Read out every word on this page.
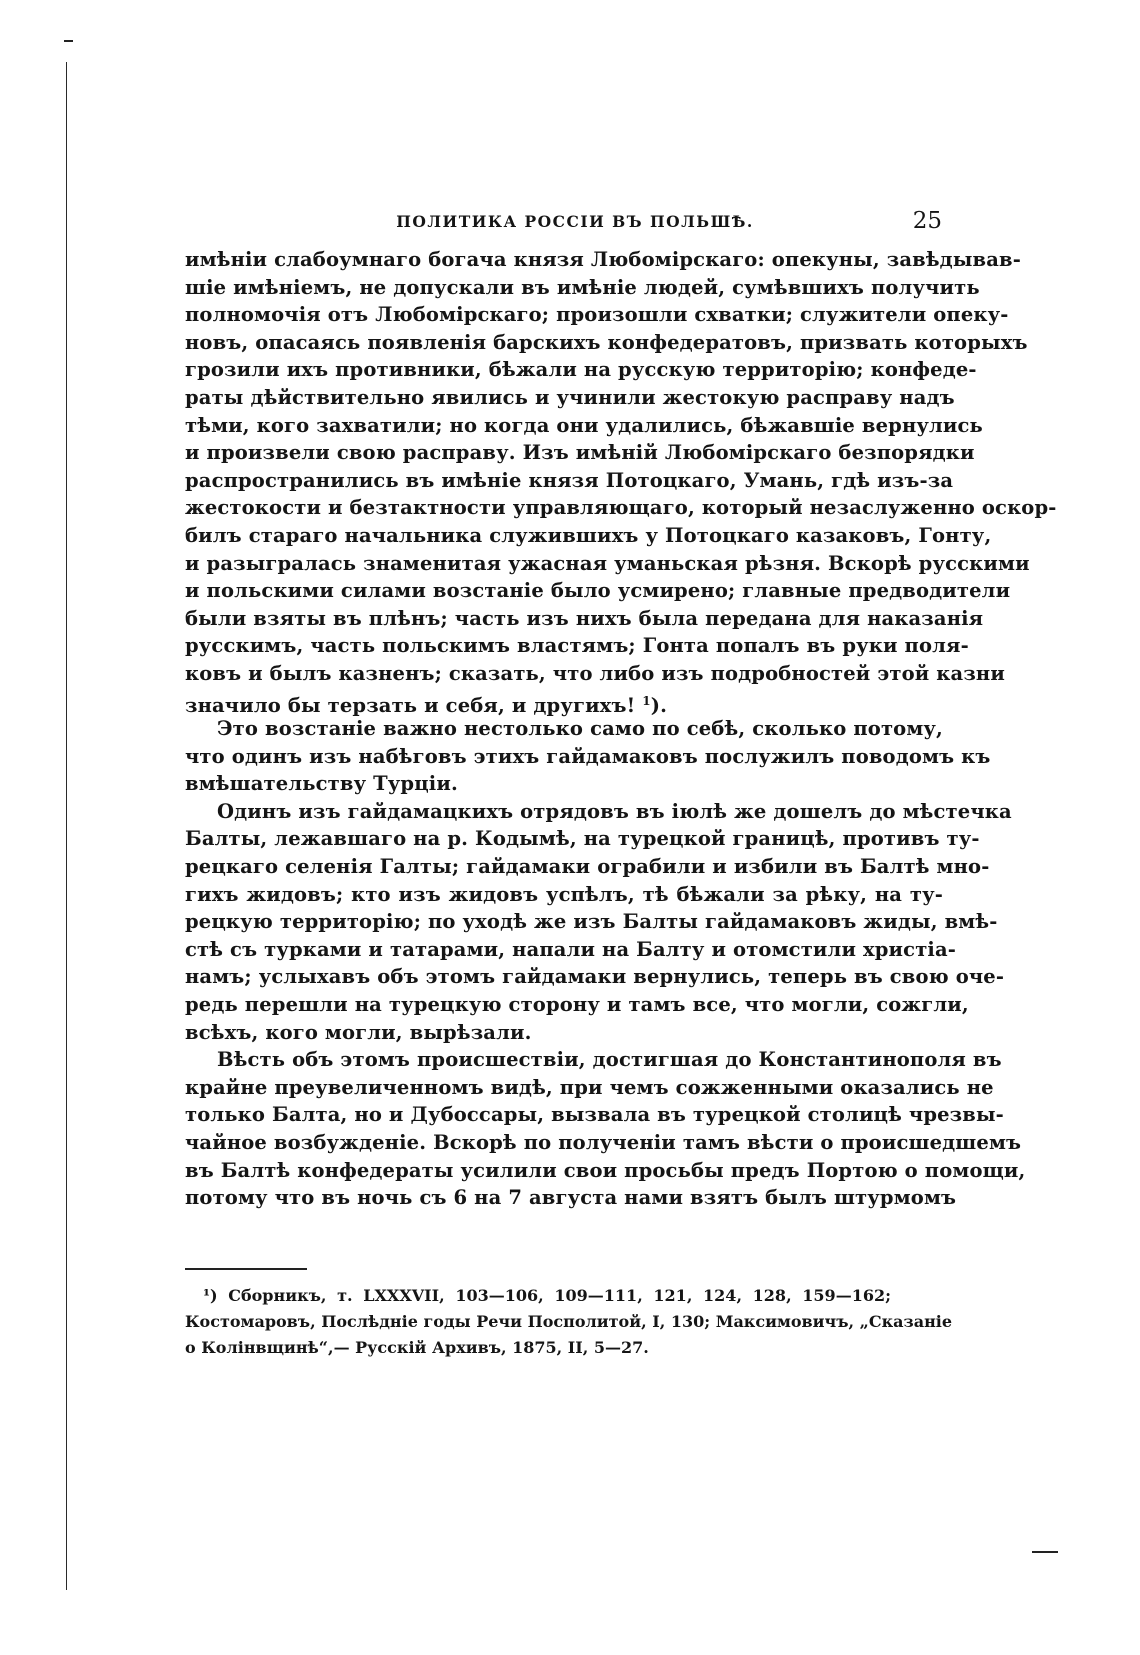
ПОЛИТИКА РОССІИ ВЪ ПОЛЬШѢ.	25
имѣніи слабоумнаго богача князя Любомірскаго: опекуны, завѣдывав-
шіе имѣніемъ, не допускали въ имѣніе людей, сумѣвшихъ получить
полномочія отъ Любомірскаго; произошли схватки; служители опеку-
новъ, опасаясь появленія барскихъ конфедератовъ, призвать которыхъ
грозили ихъ противники, бѣжали на русскую территорію; конфеде-
раты дѣйствительно явились и учинили жестокую расправу надъ
тѣми, кого захватили; но когда они удалились, бѣжавшіе вернулись
и произвели свою расправу. Изъ имѣній Любомірскаго безпорядки
распространились въ имѣніе князя Потоцкаго, Умань, гдѣ изъ-за
жестокости и безтактности управляющаго, который незаслуженно оскор-
билъ стараго начальника служившихъ у Потоцкаго казаковъ, Гонту,
и разыгралась знаменитая ужасная уманьская рѣзня. Вскорѣ русскими
и польскими силами возстаніе было усмирено; главные предводители
были взяты въ плѣнъ; часть изъ нихъ была передана для наказанія
русскимъ, часть польскимъ властямъ; Гонта попалъ въ руки поля-
ковъ и былъ казненъ; сказать, что либо изъ подробностей этой казни
значило бы терзать и себя, и другихъ! $^1$).
Это возстаніе важно нестолько само по себѣ, сколько потому,
что одинъ изъ набѣговъ этихъ гайдамаковъ послужилъ поводомъ къ
вмѣшательству Турціи.
Одинъ изъ гайдамацкихъ отрядовъ въ іюлѣ же дошелъ до мѣстечка
Балты, лежавшаго на р. Кодымѣ, на турецкой границѣ, противъ ту-
рецкаго селенія Галты; гайдамаки ограбили и избили въ Балтѣ мно-
гихъ жидовъ; кто изъ жидовъ успѣлъ, тѣ бѣжали за рѣку, на ту-
рецкую территорію; по уходѣ же изъ Балты гайдамаковъ жиды, вмѣ-
стѣ съ турками и татарами, напали на Балту и отомстили христіа-
намъ; услыхавъ объ этомъ гайдамаки вернулись, теперь въ свою оче-
редь перешли на турецкую сторону и тамъ все, что могли, сожгли,
всѣхъ, кого могли, вырѣзали.
Вѣсть объ этомъ происшествіи, достигшая до Константинополя въ
крайне преувеличенномъ видѣ, при чемъ сожженными оказались не
только Балта, но и Дубоссары, вызвала въ турецкой столицѣ чрезвы-
чайное возбужденіе. Вскорѣ по полученіи тамъ вѣсти о происшедшемъ
въ Балтѣ конфедераты усилили свои просьбы предъ Портою о помощи,
потому что въ ночь съ 6 на 7 августа нами взятъ былъ штурмомъ
¹) Сборникъ, т. LXXXVII, 103—106, 109—111, 121, 124, 128, 159—162;
Костомаровъ, Послѣдніе годы Речи Посполитой, I, 130; Максимовичъ, „Сказаніе
о Колінвщинѣ“,— Русскій Архивъ, 1875, II, 5—27.
